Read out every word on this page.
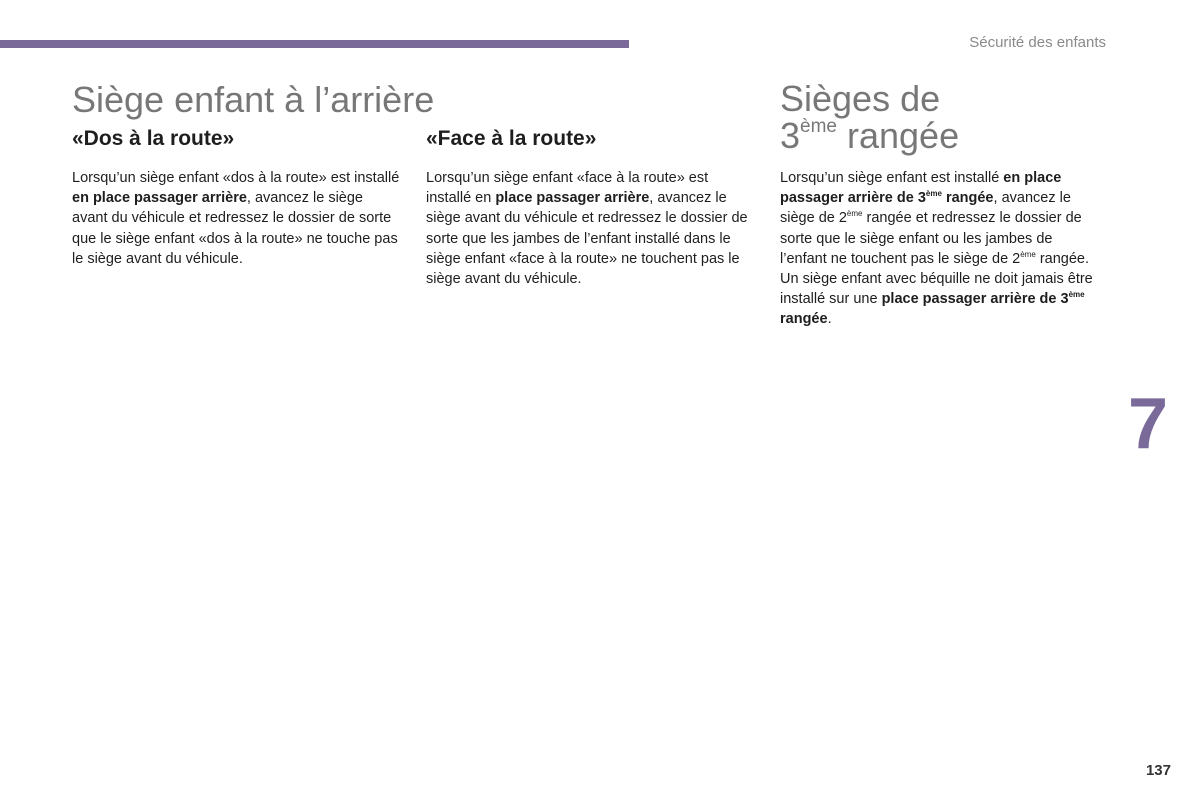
Sécurité des enfants
Siège enfant à l’arrière
«Dos à la route»

Lorsqu’un siège enfant «dos à la route» est installé en place passager arrière, avancez le siège avant du véhicule et redressez le dossier de sorte que le siège enfant «dos à la route» ne touche pas le siège avant du véhicule.

«Face à la route»

Lorsqu’un siège enfant «face à la route» est installé en place passager arrière, avancez le siège avant du véhicule et redressez le dossier de sorte que les jambes de l’enfant installé dans le siège enfant «face à la route» ne touchent pas le siège avant du véhicule.

Sièges de
3ème rangée

Lorsqu’un siège enfant est installé en place passager arrière de 3ème rangée, avancez le siège de 2ème rangée et redressez le dossier de sorte que le siège enfant ou les jambes de l’enfant ne touchent pas le siège de 2ème rangée.

Un siège enfant avec béquille ne doit jamais être installé sur une place passager arrière de 3ème rangée.

7
137
